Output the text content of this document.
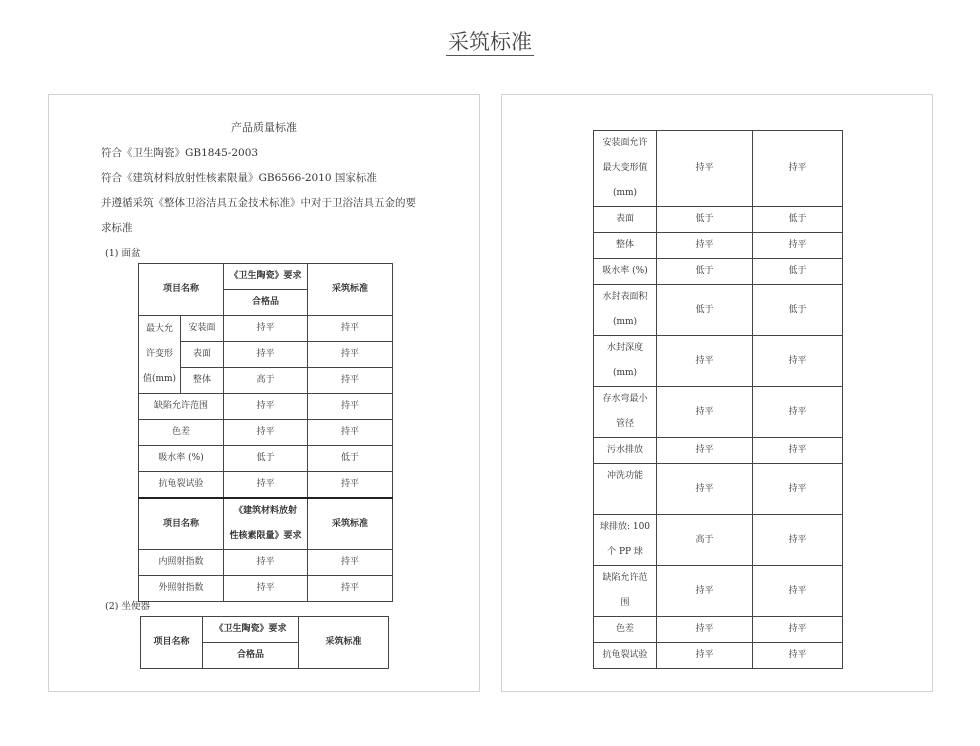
采筑标准
产品质量标准
符合《卫生陶瓷》GB1845-2003
符合《建筑材料放射性核素限量》GB6566-2010 国家标准
并遵循采筑《整体卫浴洁具五金技术标准》中对于卫浴洁具五金的要
求标准
(1) 面盆
项目名称		《卫生陶瓷》要求	采筑标准
		合格品	
最大允
许变形
值(mm)	安装面	持平	持平
	表面	持平	持平
	整体	高于	持平
缺陷允许范围		持平	持平
色差		持平	持平
吸水率 (%)		低于	低于
抗龟裂试验		持平	持平
项目名称		《建筑材料放射
性核素限量》要求	采筑标准
内照射指数		持平	持平
外照射指数		持平	持平
(2) 坐便器
项目名称	《卫生陶瓷》要求	采筑标准
合格品
安装面允许
最大变形值
(mm)	持平	持平
表面	低于	低于
整体	持平	持平
吸水率 (%)	低于	低于
水封表面积
(mm)	低于	低于
水封深度
(mm)	持平	持平
存水弯最小
管径	持平	持平
污水排放	持平	持平
冲洗功能	持平	持平
球排放: 100
个 PP 球	高于	持平
缺陷允许范
围	持平	持平
色差	持平	持平
抗龟裂试验	持平	持平
